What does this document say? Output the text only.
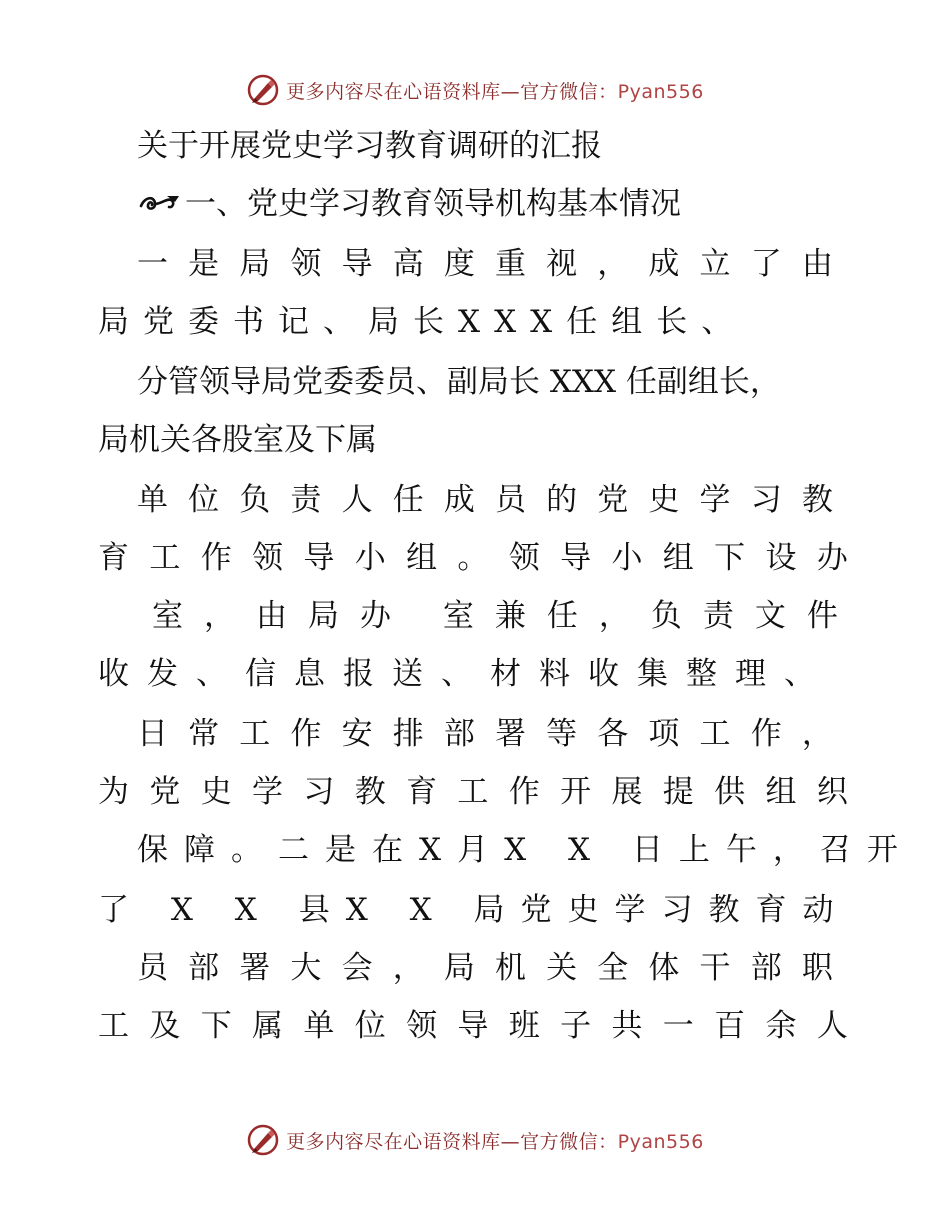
更多内容尽在心语资料库—官方微信：Pyan556

关于开展党史学习教育调研的汇报

一、党史学习教育领导机构基本情况

一 是 局 领 导 高 度 重 视 ， 成 立 了 由

局党委书记、局长XXX任组长、

分管领导局党委委员、副局长 XXX 任副组长，

局机关各股室及下属

单 位 负 责 人 任 成 员 的 党 史 学 习 教

育 工 作 领 导 小 组 。 领 导 小 组 下 设 办

室，由局办 室兼任，负责文件

收发、信息报送、材料收集整理、

日 常 工 作 安 排 部 署 等 各 项 工 作 ，

为 党 史 学 习 教 育 工 作 开 展 提 供 组 织

保障。二是在X月X X 日上午，召开

了 X X 县X X 局党史学习教育动

员 部 署 大 会 ， 局 机 关 全 体 干 部 职

工 及 下 属 单 位 领 导 班 子 共 一 百 余 人

更多内容尽在心语资料库—官方微信：Pyan556
